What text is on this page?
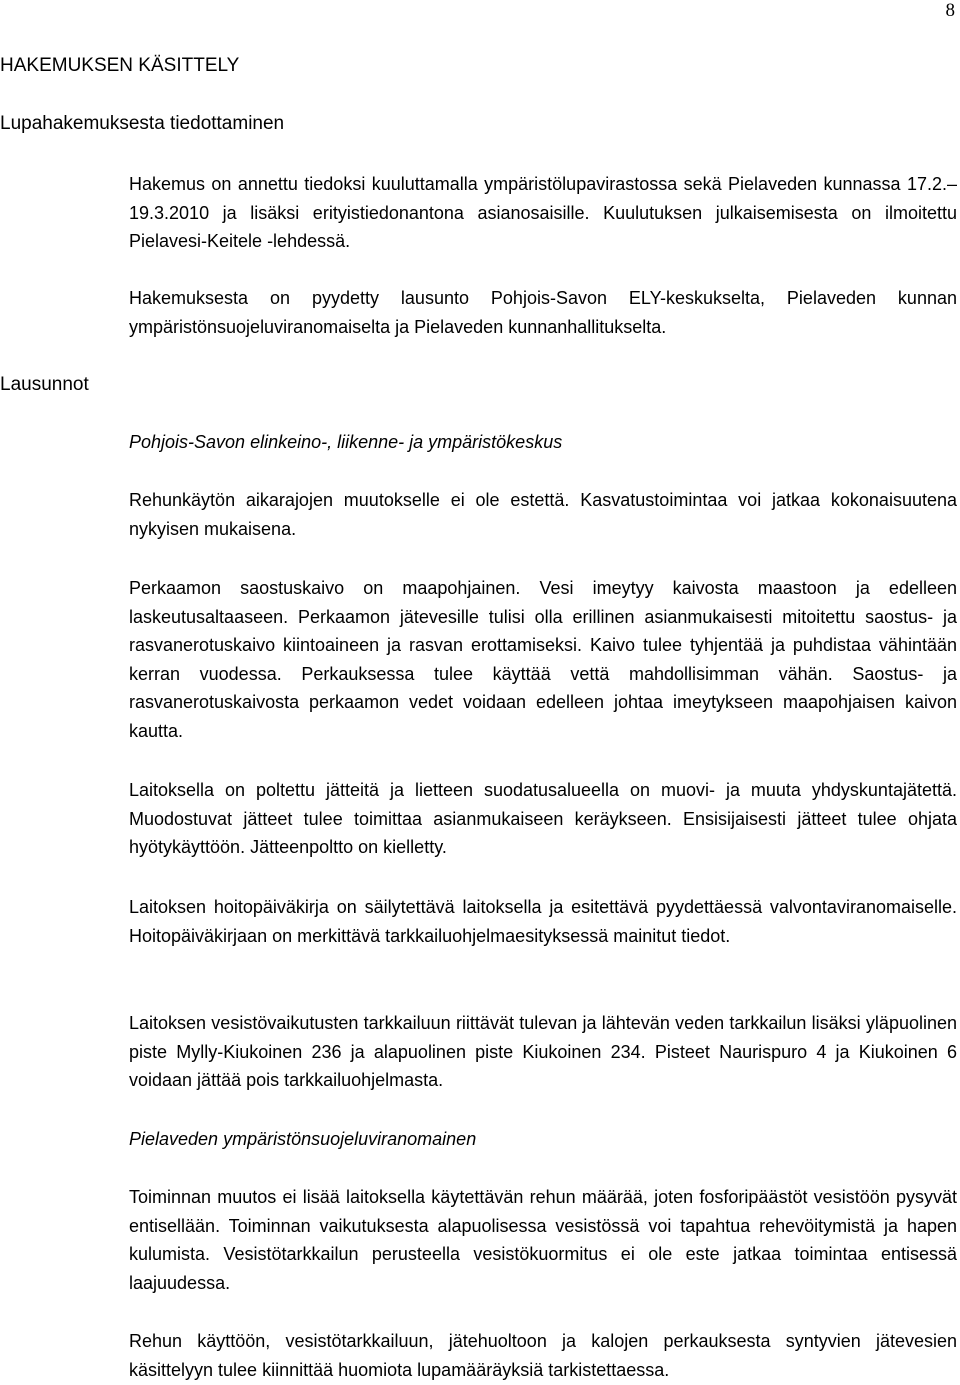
8
HAKEMUKSEN KÄSITTELY
Lupahakemuksesta tiedottaminen

Hakemus on annettu tiedoksi kuuluttamalla ympäristölupavirastossa sekä Pielaveden kunnassa 17.2.–19.3.2010 ja lisäksi erityistiedonantona asianosaisille. Kuulutuksen julkaisemisesta on ilmoitettu Pielavesi-Keitele -lehdessä.

Hakemuksesta on pyydetty lausunto Pohjois-Savon ELY-keskukselta, Pielaveden kunnan ympäristönsuojeluviranomaiselta ja Pielaveden kunnanhallitukselta.

Lausunnot

Pohjois-Savon elinkeino-, liikenne- ja ympäristökeskus

Rehunkäytön aikarajojen muutokselle ei ole estettä. Kasvatustoimintaa voi jatkaa kokonaisuutena nykyisen mukaisena.

Perkaamon saostuskaivo on maapohjainen. Vesi imeytyy kaivosta maastoon ja edelleen laskeutusaltaaseen. Perkaamon jätevesille tulisi olla erillinen asianmukaisesti mitoitettu saostus- ja rasvanerotuskaivo kiintoaineen ja rasvan erottamiseksi. Kaivo tulee tyhjentää ja puhdistaa vähintään kerran vuodessa. Perkauksessa tulee käyttää vettä mahdollisimman vähän. Saostus- ja rasvanerotuskaivosta perkaamon vedet voidaan edelleen johtaa imeytykseen maapohjaisen kaivon kautta.

Laitoksella on poltettu jätteitä ja lietteen suodatusalueella on muovi- ja muuta yhdyskuntajätettä. Muodostuvat jätteet tulee toimittaa asianmukaiseen keräykseen. Ensisijaisesti jätteet tulee ohjata hyötykäyttöön. Jätteenpoltto on kielletty.

Laitoksen hoitopäiväkirja on säilytettävä laitoksella ja esitettävä pyydettäessä valvontaviranomaiselle. Hoitopäiväkirjaan on merkittävä tarkkailuohjelmaesityksessä mainitut tiedot.

Laitoksen vesistövaikutusten tarkkailuun riittävät tulevan ja lähtevän veden tarkkailun lisäksi yläpuolinen piste Mylly-Kiukoinen 236 ja alapuolinen piste Kiukoinen 234. Pisteet Naurispuro 4 ja Kiukoinen 6 voidaan jättää pois tarkkailuohjelmasta.

Pielaveden ympäristönsuojeluviranomainen

Toiminnan muutos ei lisää laitoksella käytettävän rehun määrää, joten fosforipäästöt vesistöön pysyvät entisellään. Toiminnan vaikutuksesta alapuolisessa vesistössä voi tapahtua rehevöitymistä ja hapen kulumista. Vesistötarkkailun perusteella vesistökuormitus ei ole este jatkaa toimintaa entisessä laajuudessa.

Rehun käyttöön, vesistötarkkailuun, jätehuoltoon ja kalojen perkauksesta syntyvien jätevesien käsittelyyn tulee kiinnittää huomiota lupamääräyksiä tarkistettaessa.
